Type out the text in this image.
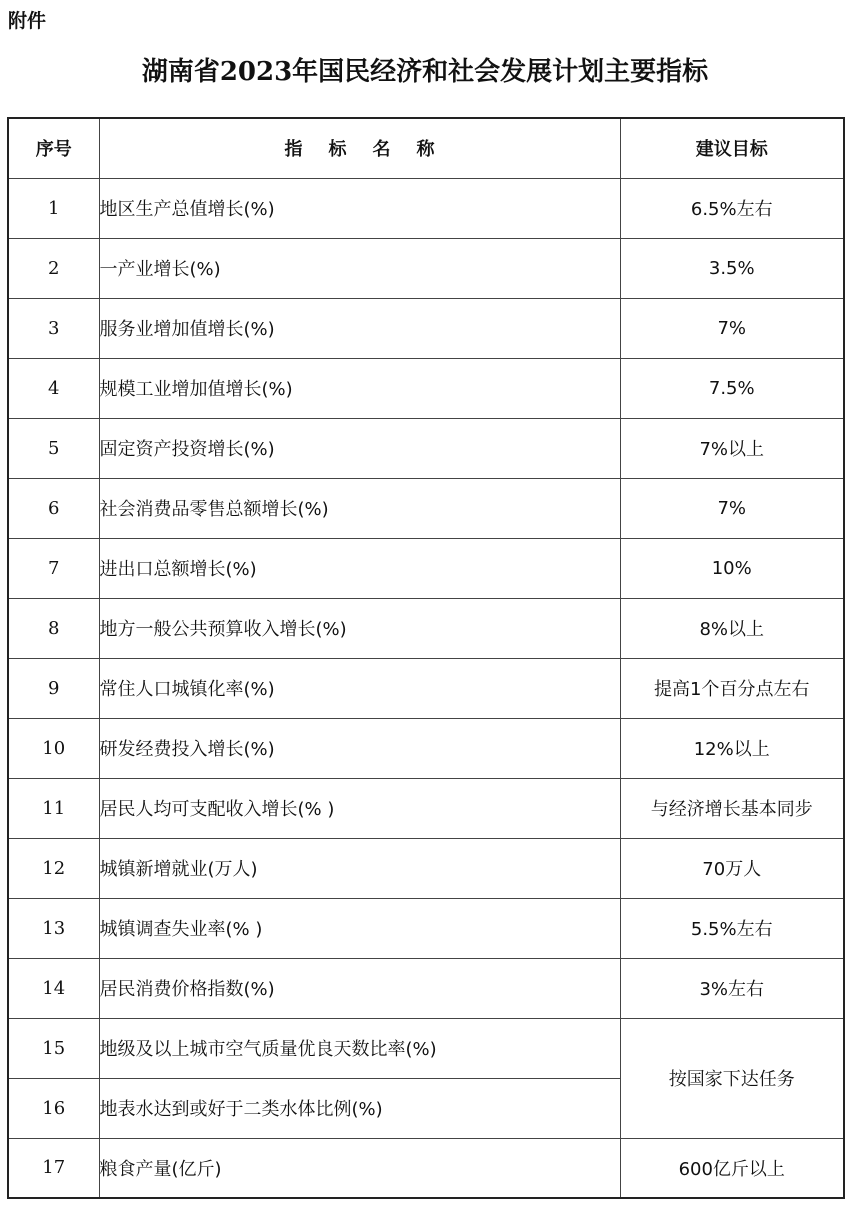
附件
湖南省2023年国民经济和社会发展计划主要指标
序号	指标名称	建议目标
1	地区生产总值增长(%)	6.5%左右
2	一产业增长(%)	3.5%
3	服务业增加值增长(%)	7%
4	规模工业增加值增长(%)	7.5%
5	固定资产投资增长(%)	7%以上
6	社会消费品零售总额增长(%)	7%
7	进出口总额增长(%)	10%
8	地方一般公共预算收入增长(%)	8%以上
9	常住人口城镇化率(%)	提高1个百分点左右
10	研发经费投入增长(%)	12%以上
11	居民人均可支配收入增长(% )	与经济增长基本同步
12	城镇新增就业(万人)	70万人
13	城镇调查失业率(% )	5.5%左右
14	居民消费价格指数(%)	3%左右
15	地级及以上城市空气质量优良天数比率(%)	按国家下达任务
16	地表水达到或好于二类水体比例(%)	
17	粮食产量(亿斤)	600亿斤以上
